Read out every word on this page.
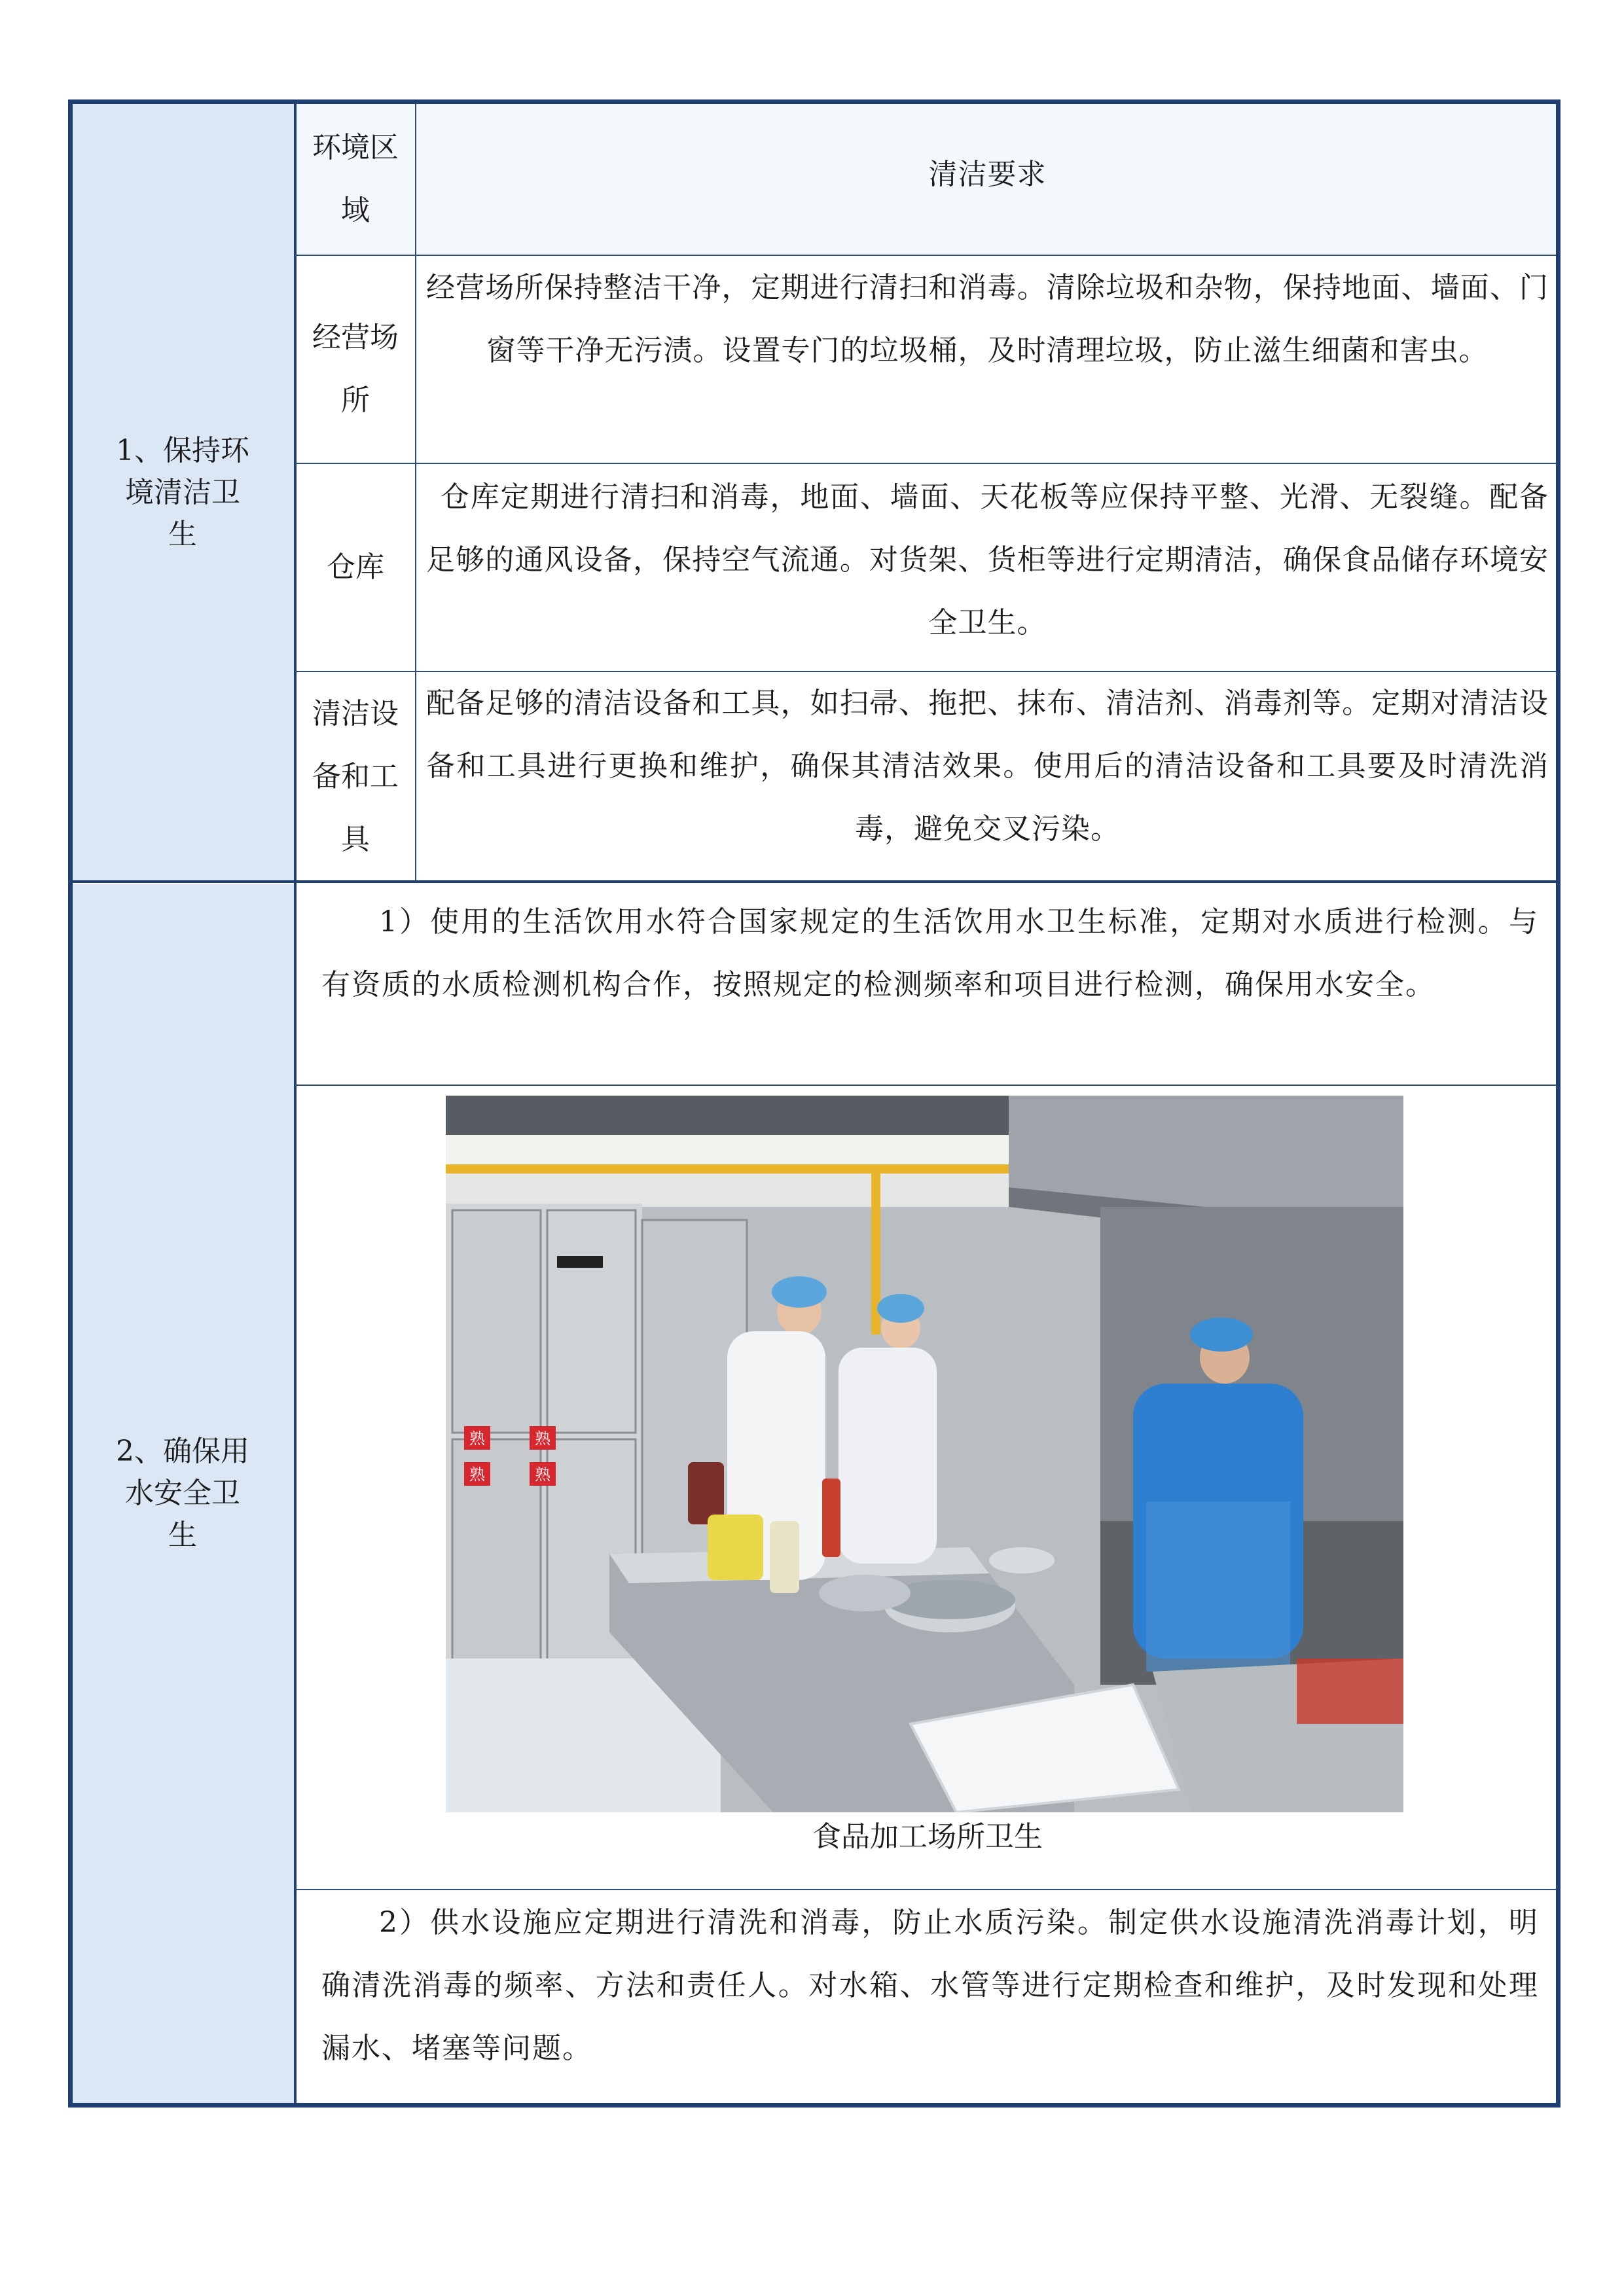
1、保持环境清洁卫生
环境区域
清洁要求
经营场所
经营场所保持整洁干净，定期进行清扫和消毒。清除垃圾和杂物，保持地面、墙面、门窗等干净无污渍。设置专门的垃圾桶，及时清理垃圾，防止滋生细菌和害虫。
仓库
仓库定期进行清扫和消毒，地面、墙面、天花板等应保持平整、光滑、无裂缝。配备足够的通风设备，保持空气流通。对货架、货柜等进行定期清洁，确保食品储存环境安全卫生。
清洁设备和工具
配备足够的清洁设备和工具，如扫帚、拖把、抹布、清洁剂、消毒剂等。定期对清洁设备和工具进行更换和维护，确保其清洁效果。使用后的清洁设备和工具要及时清洗消毒，避免交叉污染。
2、确保用水安全卫生
1）使用的生活饮用水符合国家规定的生活饮用水卫生标准，定期对水质进行检测。与有资质的水质检测机构合作，按照规定的检测频率和项目进行检测，确保用水安全。
熟	熟
熟	熟
食品加工场所卫生
2）供水设施应定期进行清洗和消毒，防止水质污染。制定供水设施清洗消毒计划，明确清洗消毒的频率、方法和责任人。对水箱、水管等进行定期检查和维护，及时发现和处理漏水、堵塞等问题。
